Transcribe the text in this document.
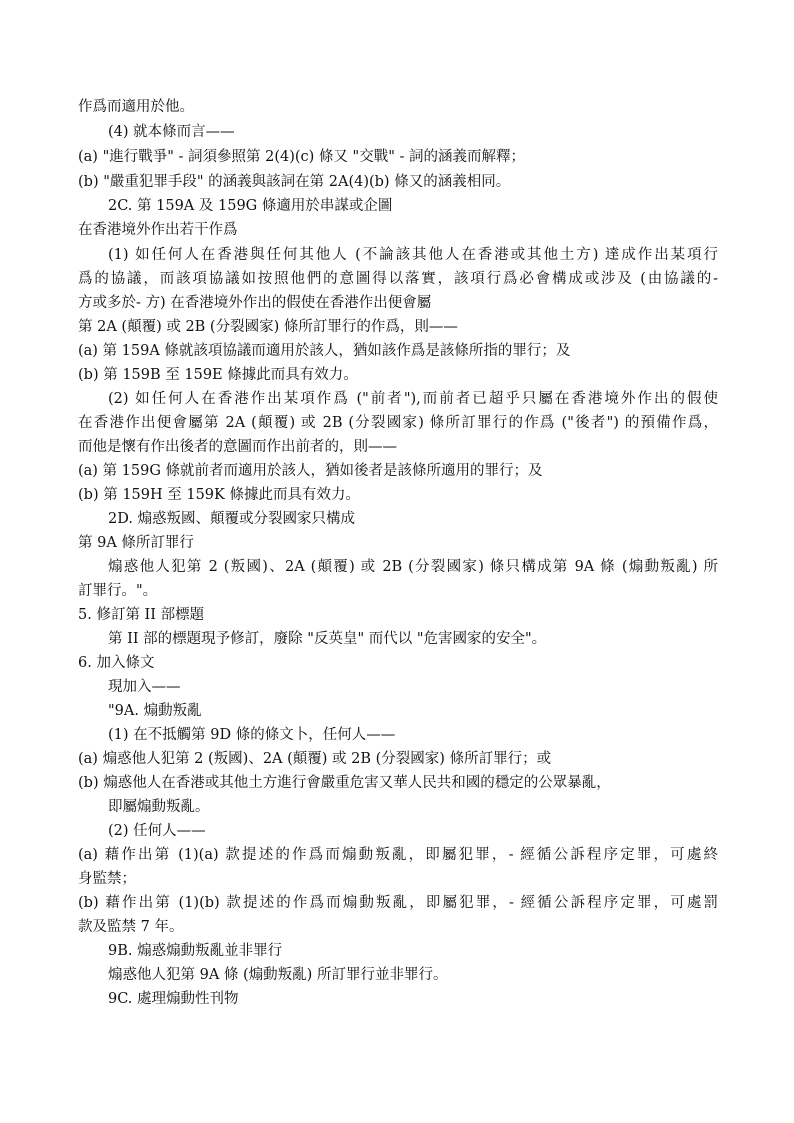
作爲而適用於他。
(4) 就本條而言——
(a) "進行戰爭" - 詞須參照第 2(4)(c) 條⼜ "交戰" - 詞的涵義而解釋；
(b) "嚴重犯罪手段" 的涵義與該詞在第 2A(4)(b) 條⼜的涵義相同。
2C. 第 159A 及 159G 條適用於串謀或企圖
在香港境外作出若干作爲
(1) 如任何⼈在香港與任何其他⼈ (不論該其他⼈在香港或其他⼟方) 達成作出某項行
爲的協議，而該項協議如按照他們的意圖得以落實，該項行爲必會構成或涉及 (由協議的-
方或多於- 方) 在香港境外作出的假使在香港作出便會屬
第 2A (顛覆) 或 2B (分裂國家) 條所訂罪行的作爲，則——
(a) 第 159A 條就該項協議而適用於該⼈，猶如該作爲是該條所指的罪行；及
(b) 第 159B 至 159E 條據此而具有效力。
(2) 如任何⼈在香港作出某項作爲 ("前者"),而前者已超乎只屬在香港境外作出的假使
在香港作出便會屬第 2A (顛覆) 或 2B (分裂國家) 條所訂罪行的作爲 ("後者") 的預備作爲，
而他是懷有作出後者的意圖而作出前者的，則——
(a) 第 159G 條就前者而適用於該⼈，猶如後者是該條所適用的罪行；及
(b) 第 159H 至 159K 條據此而具有效力。
2D. 煽惑叛國、顛覆或分裂國家只構成
第 9A 條所訂罪行
煽惑他⼈犯第 2 (叛國)、2A (顛覆) 或 2B (分裂國家) 條只構成第 9A 條 (煽動叛亂) 所
訂罪行。"。
5. 修訂第 II 部標題
第 II 部的標題現予修訂，廢除 "反英皇" 而代以 "危害國家的安全"。
6. 加入條文
現加入——
"9A. 煽動叛亂
(1) 在不抵觸第 9D 條的條文⼘，任何⼈——
(a) 煽惑他⼈犯第 2 (叛國)、2A (顛覆) 或 2B (分裂國家) 條所訂罪行；或
(b) 煽惑他⼈在香港或其他⼟方進行會嚴重危害⼜華⼈民共和國的穩定的公眾暴亂，
即屬煽動叛亂。
(2) 任何⼈——
(a) 藉作出第 (1)(a) 款提述的作爲而煽動叛亂，即屬犯罪，- 經循公訴程序定罪，可處終
身監禁；
(b) 藉作出第 (1)(b) 款提述的作爲而煽動叛亂，即屬犯罪，- 經循公訴程序定罪，可處罰
款及監禁 7 年。
9B. 煽惑煽動叛亂並非罪行
煽惑他⼈犯第 9A 條 (煽動叛亂) 所訂罪行並非罪行。
9C. 處理煽動性刊物
